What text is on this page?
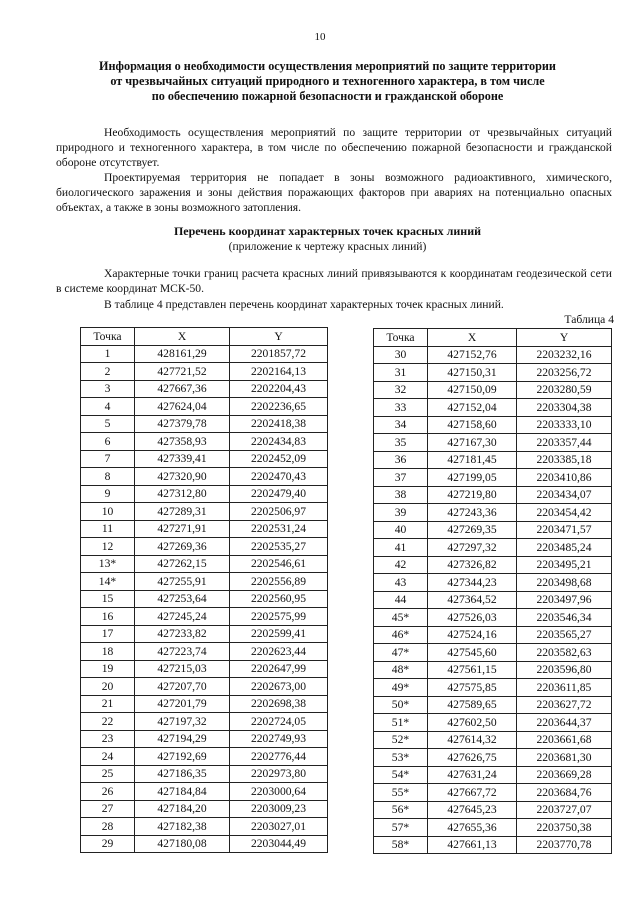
10
Информация о необходимости осуществления мероприятий по защите территории
от чрезвычайных ситуаций природного и техногенного характера, в том числе
по обеспечению пожарной безопасности и гражданской обороне

Необходимость осуществления мероприятий по защите территории от чрезвычайных ситуаций природного и техногенного характера, в том числе по обеспечению пожарной безопасности и гражданской обороне отсутствует.

Проектируемая территория не попадает в зоны возможного радиоактивного, химического, биологического заражения и зоны действия поражающих факторов при авариях на потенциально опасных объектах, а также в зоны возможного затопления.

Перечень координат характерных точек красных линий
(приложение к чертежу красных линий)

Характерные точки границ расчета красных линий привязываются к координатам геодезической сети в системе координат МСК-50.

В таблице 4 представлен перечень координат характерных точек красных линий.

Таблица 4
Точка	X	Y
1	428161,29	2201857,72
2	427721,52	2202164,13
3	427667,36	2202204,43
4	427624,04	2202236,65
5	427379,78	2202418,38
6	427358,93	2202434,83
7	427339,41	2202452,09
8	427320,90	2202470,43
9	427312,80	2202479,40
10	427289,31	2202506,97
11	427271,91	2202531,24
12	427269,36	2202535,27
13*	427262,15	2202546,61
14*	427255,91	2202556,89
15	427253,64	2202560,95
16	427245,24	2202575,99
17	427233,82	2202599,41
18	427223,74	2202623,44
19	427215,03	2202647,99
20	427207,70	2202673,00
21	427201,79	2202698,38
22	427197,32	2202724,05
23	427194,29	2202749,93
24	427192,69	2202776,44
25	427186,35	2202973,80
26	427184,84	2203000,64
27	427184,20	2203009,23
28	427182,38	2203027,01
29	427180,08	2203044,49
Точка	X	Y
30	427152,76	2203232,16
31	427150,31	2203256,72
32	427150,09	2203280,59
33	427152,04	2203304,38
34	427158,60	2203333,10
35	427167,30	2203357,44
36	427181,45	2203385,18
37	427199,05	2203410,86
38	427219,80	2203434,07
39	427243,36	2203454,42
40	427269,35	2203471,57
41	427297,32	2203485,24
42	427326,82	2203495,21
43	427344,23	2203498,68
44	427364,52	2203497,96
45*	427526,03	2203546,34
46*	427524,16	2203565,27
47*	427545,60	2203582,63
48*	427561,15	2203596,80
49*	427575,85	2203611,85
50*	427589,65	2203627,72
51*	427602,50	2203644,37
52*	427614,32	2203661,68
53*	427626,75	2203681,30
54*	427631,24	2203669,28
55*	427667,72	2203684,76
56*	427645,23	2203727,07
57*	427655,36	2203750,38
58*	427661,13	2203770,78
